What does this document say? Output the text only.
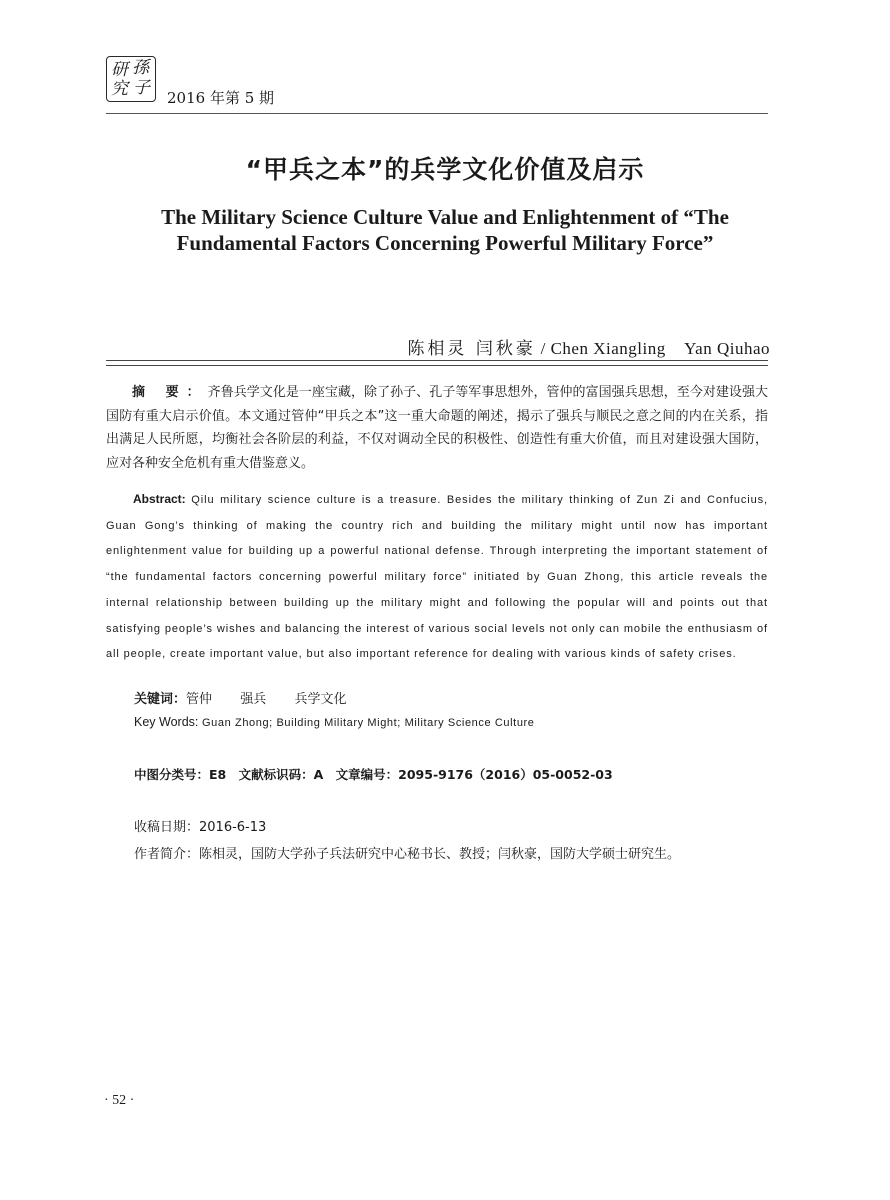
研 孫
究 子 2016 年第 5 期
“甲兵之本”的兵学文化价值及启示
The Military Science Culture Value and Enlightenment of “The
Fundamental Factors Concerning Powerful Military Force”
陈相灵 闫秋豪 / Chen Xiangling    Yan Qiuhao
摘 要：齐鲁兵学文化是一座宝藏，除了孙子、孔子等军事思想外，管仲的富国强兵思想，至今对建设强大国防有重大启示价值。本文通过管仲“甲兵之本”这一重大命题的阐述，揭示了强兵与顺民之意之间的内在关系，指出满足人民所愿，均衡社会各阶层的利益，不仅对调动全民的积极性、创造性有重大价值，而且对建设强大国防，应对各种安全危机有重大借鉴意义。
Abstract: Qilu military science culture is a treasure. Besides the military thinking of Zun Zi and Confucius, Guan Gong’s thinking of making the country rich and building the military might until now has important enlightenment value for building up a powerful national defense. Through interpreting the important statement of “the fundamental factors concerning powerful military force” initiated by Guan Zhong, this article reveals the internal relationship between building up the military might and following the popular will and points out that satisfying people’s wishes and balancing the interest of various social levels not only can mobile the enthusiasm of all people, create important value, but also important reference for dealing with various kinds of safety crises.
关键词：管仲  强兵  兵学文化
Key Words: Guan Zhong; Building Military Might; Military Science Culture
中图分类号：E8 文献标识码：A 文章编号：2095-9176（2016）05-0052-03
收稿日期：2016-6-13
作者简介：陈相灵，国防大学孙子兵法研究中心秘书长、教授；闫秋豪，国防大学硕士研究生。
· 52 ·
